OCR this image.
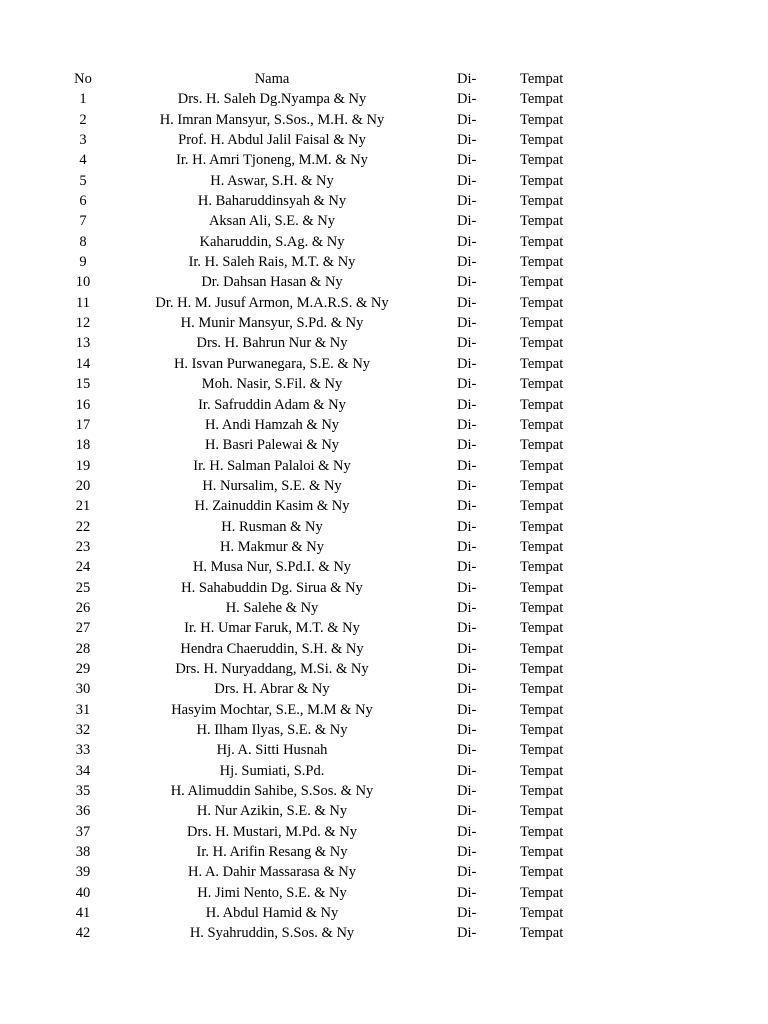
No	Nama	Di-	Tempat
1	Drs. H. Saleh Dg.Nyampa & Ny	Di-	Tempat
2	H. Imran Mansyur, S.Sos., M.H. & Ny	Di-	Tempat
3	Prof. H. Abdul Jalil Faisal & Ny	Di-	Tempat
4	Ir. H. Amri Tjoneng, M.M. & Ny	Di-	Tempat
5	H. Aswar, S.H. & Ny	Di-	Tempat
6	H. Baharuddinsyah & Ny	Di-	Tempat
7	Aksan Ali, S.E. & Ny	Di-	Tempat
8	Kaharuddin, S.Ag. & Ny	Di-	Tempat
9	Ir. H. Saleh Rais, M.T. & Ny	Di-	Tempat
10	Dr. Dahsan Hasan & Ny	Di-	Tempat
11	Dr. H. M. Jusuf Armon, M.A.R.S. & Ny	Di-	Tempat
12	H. Munir Mansyur, S.Pd. & Ny	Di-	Tempat
13	Drs. H. Bahrun Nur & Ny	Di-	Tempat
14	H. Isvan Purwanegara, S.E. & Ny	Di-	Tempat
15	Moh. Nasir, S.Fil. & Ny	Di-	Tempat
16	Ir. Safruddin Adam & Ny	Di-	Tempat
17	H. Andi Hamzah & Ny	Di-	Tempat
18	H. Basri Palewai & Ny	Di-	Tempat
19	Ir. H. Salman Palaloi & Ny	Di-	Tempat
20	H. Nursalim, S.E. & Ny	Di-	Tempat
21	H. Zainuddin Kasim & Ny	Di-	Tempat
22	H. Rusman & Ny	Di-	Tempat
23	H. Makmur & Ny	Di-	Tempat
24	H. Musa Nur, S.Pd.I. & Ny	Di-	Tempat
25	H. Sahabuddin Dg. Sirua & Ny	Di-	Tempat
26	H. Salehe & Ny	Di-	Tempat
27	Ir. H. Umar Faruk, M.T. & Ny	Di-	Tempat
28	Hendra Chaeruddin, S.H. & Ny	Di-	Tempat
29	Drs. H. Nuryaddang, M.Si. & Ny	Di-	Tempat
30	Drs. H. Abrar & Ny	Di-	Tempat
31	Hasyim Mochtar, S.E., M.M & Ny	Di-	Tempat
32	H. Ilham Ilyas, S.E. & Ny	Di-	Tempat
33	Hj. A. Sitti Husnah	Di-	Tempat
34	Hj. Sumiati, S.Pd.	Di-	Tempat
35	H. Alimuddin Sahibe, S.Sos. & Ny	Di-	Tempat
36	H. Nur Azikin, S.E. & Ny	Di-	Tempat
37	Drs. H. Mustari, M.Pd. & Ny	Di-	Tempat
38	Ir. H. Arifin Resang & Ny	Di-	Tempat
39	H. A. Dahir Massarasa & Ny	Di-	Tempat
40	H. Jimi Nento, S.E. & Ny	Di-	Tempat
41	H. Abdul Hamid & Ny	Di-	Tempat
42	H. Syahruddin, S.Sos. & Ny	Di-	Tempat
